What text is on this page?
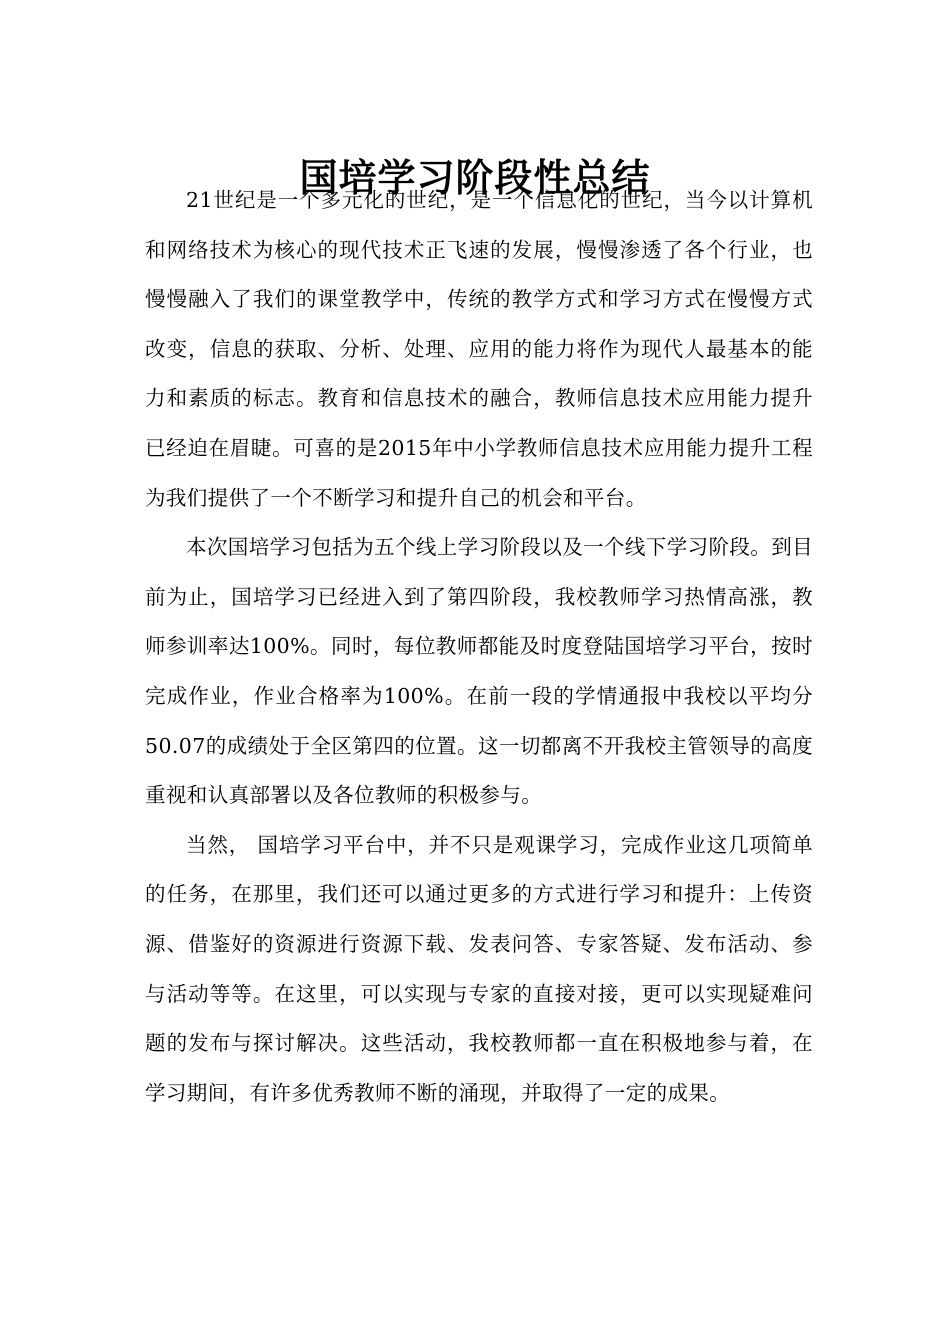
国培学习阶段性总结

21世纪是一个多元化的世纪，是一个信息化的世纪，当今以计算机和网络技术为核心的现代技术正飞速的发展，慢慢渗透了各个行业，也慢慢融入了我们的课堂教学中，传统的教学方式和学习方式在慢慢方式改变，信息的获取、分析、处理、应用的能力将作为现代人最基本的能力和素质的标志。教育和信息技术的融合，教师信息技术应用能力提升已经迫在眉睫。可喜的是2015年中小学教师信息技术应用能力提升工程为我们提供了一个不断学习和提升自己的机会和平台。

本次国培学习包括为五个线上学习阶段以及一个线下学习阶段。到目前为止，国培学习已经进入到了第四阶段，我校教师学习热情高涨，教师参训率达100%。同时，每位教师都能及时度登陆国培学习平台，按时完成作业，作业合格率为100%。在前一段的学情通报中我校以平均分50.07的成绩处于全区第四的位置。这一切都离不开我校主管领导的高度重视和认真部署以及各位教师的积极参与。

当然， 国培学习平台中，并不只是观课学习，完成作业这几项简单的任务，在那里，我们还可以通过更多的方式进行学习和提升：上传资源、借鉴好的资源进行资源下载、发表问答、专家答疑、发布活动、参与活动等等。在这里，可以实现与专家的直接对接，更可以实现疑难问题的发布与探讨解决。这些活动，我校教师都一直在积极地参与着，在学习期间，有许多优秀教师不断的涌现，并取得了一定的成果。
